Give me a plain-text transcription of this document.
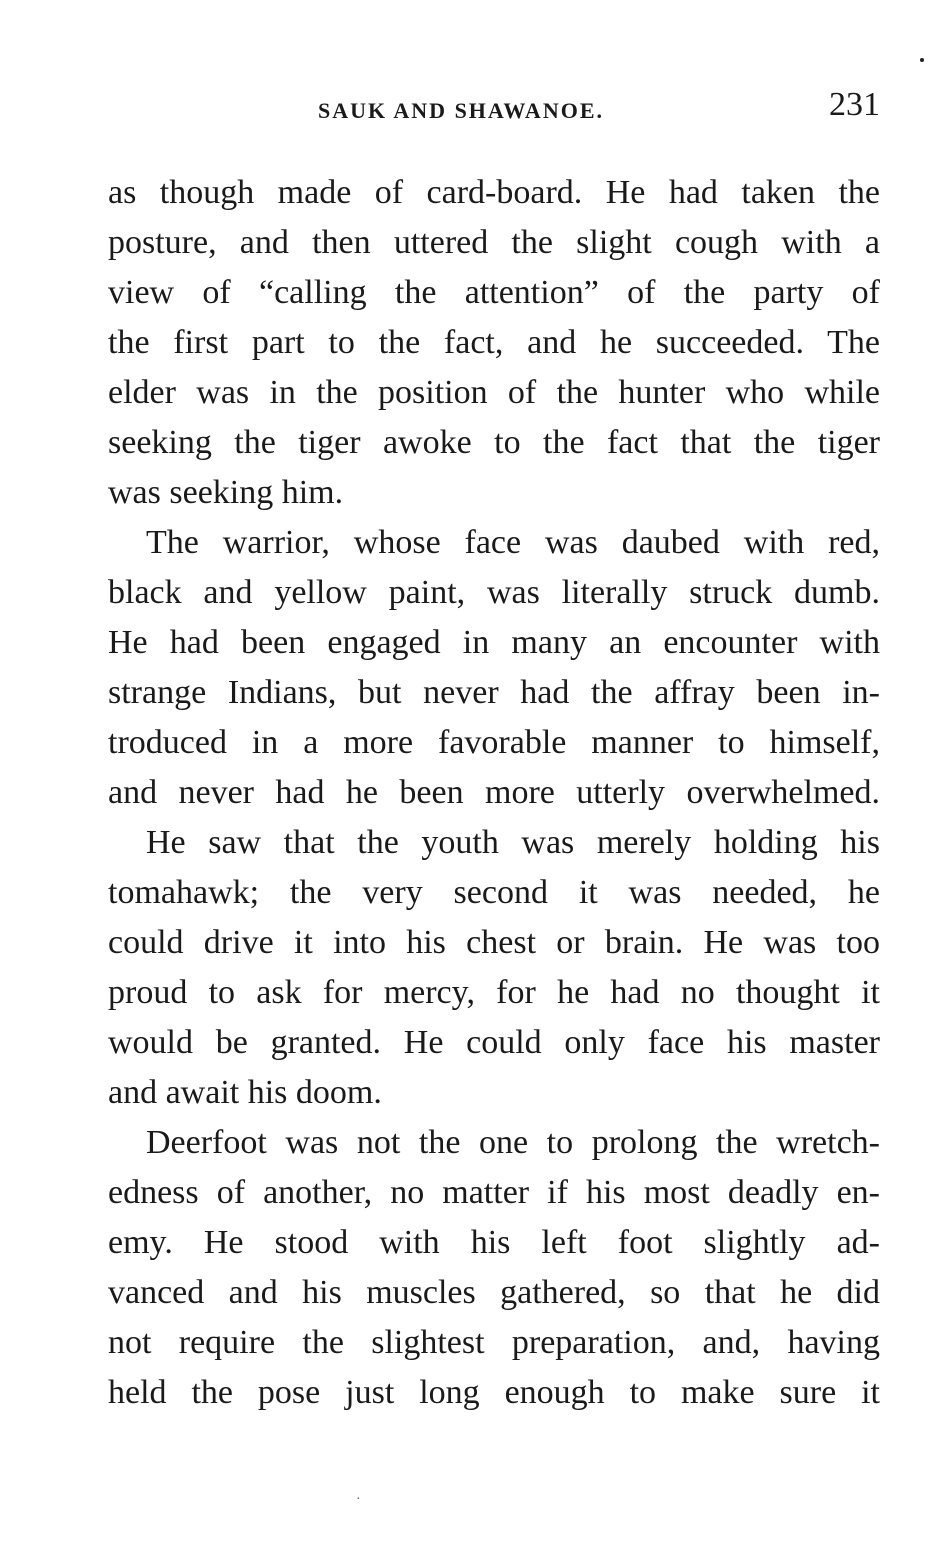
SAUK AND SHAWANOE.	231
as though made of card-board. He had taken the
posture, and then uttered the slight cough with a
view of “calling the attention” of the party of
the first part to the fact, and he succeeded. The
elder was in the position of the hunter who while
seeking the tiger awoke to the fact that the tiger
was seeking him.
The warrior, whose face was daubed with red,
black and yellow paint, was literally struck dumb.
He had been engaged in many an encounter with
strange Indians, but never had the affray been in-
troduced in a more favorable manner to himself,
and never had he been more utterly overwhelmed.
He saw that the youth was merely holding his
tomahawk; the very second it was needed, he
could drive it into his chest or brain. He was too
proud to ask for mercy, for he had no thought it
would be granted. He could only face his master
and await his doom.
Deerfoot was not the one to prolong the wretch-
edness of another, no matter if his most deadly en-
emy. He stood with his left foot slightly ad-
vanced and his muscles gathered, so that he did
not require the slightest preparation, and, having
held the pose just long enough to make sure it
·
